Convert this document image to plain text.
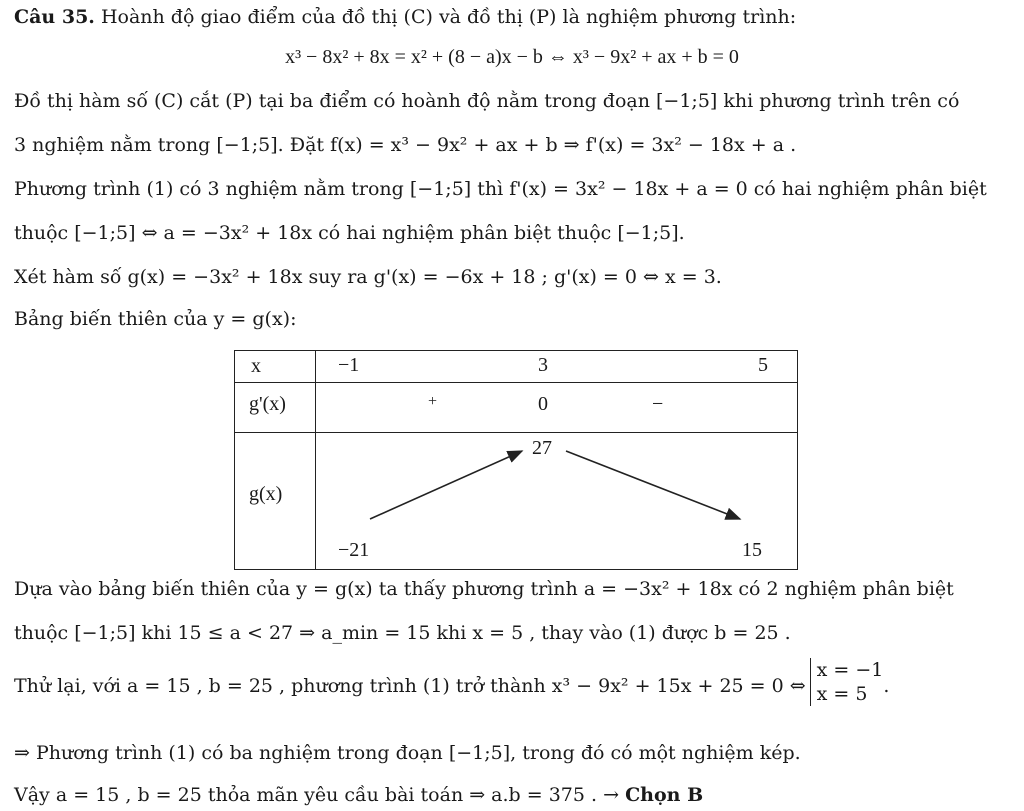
Câu 35. Hoành độ giao điểm của đồ thị (C) và đồ thị (P) là nghiệm phương trình:
x³ − 8x² + 8x = x² + (8 − a)x − b ⇔ x³ − 9x² + ax + b = 0
Đồ thị hàm số (C) cắt (P) tại ba điểm có hoành độ nằm trong đoạn [−1;5] khi phương trình trên có
3 nghiệm nằm trong [−1;5]. Đặt f(x) = x³ − 9x² + ax + b ⇒ f'(x) = 3x² − 18x + a .
Phương trình (1) có 3 nghiệm nằm trong [−1;5] thì f'(x) = 3x² − 18x + a = 0 có hai nghiệm phân biệt
thuộc [−1;5] ⇔ a = −3x² + 18x có hai nghiệm phân biệt thuộc [−1;5].
Xét hàm số g(x) = −3x² + 18x suy ra g'(x) = −6x + 18 ; g'(x) = 0 ⇔ x = 3.
Bảng biến thiên của y = g(x):
x	−1 3 5

g'(x)	+ 0 −

g(x)	27
−21 15
Dựa vào bảng biến thiên của y = g(x) ta thấy phương trình a = −3x² + 18x có 2 nghiệm phân biệt
thuộc [−1;5] khi 15 ≤ a < 27 ⇒ a_min = 15 khi x = 5 , thay vào (1) được b = 25 .
Thử lại, với a = 15 , b = 25 , phương trình (1) trở thành x³ − 9x² + 15x + 25 = 0 ⇔
x = −1
x = 5 .
⇒ Phương trình (1) có ba nghiệm trong đoạn [−1;5], trong đó có một nghiệm kép.
Vậy a = 15 , b = 25 thỏa mãn yêu cầu bài toán ⇒ a.b = 375 . → Chọn B
